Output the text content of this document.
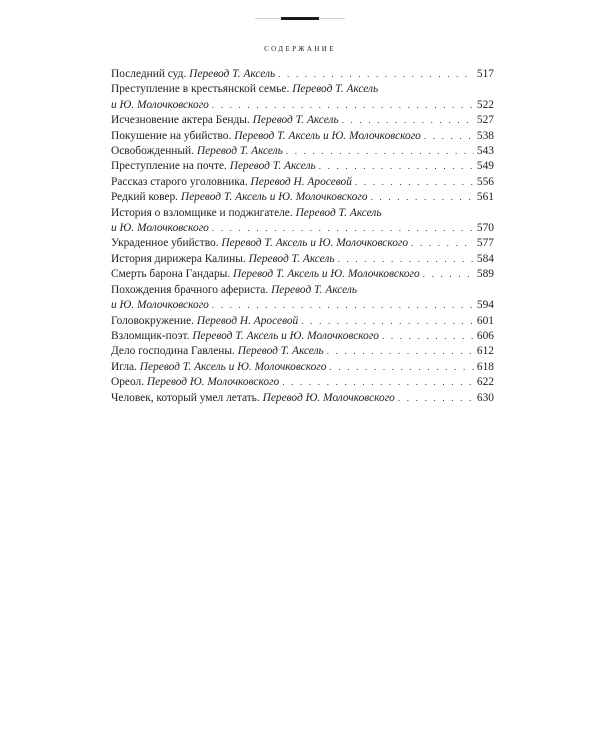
содержание
Последний суд. Перевод Т. Аксель . . .	517
Преступление в крестьянской семье. Перевод Т. Аксель
и Ю. Молочковского . . .	522
Исчезновение актера Бенды. Перевод Т. Аксель . . .	527
Покушение на убийство. Перевод Т. Аксель и Ю. Молочковского . . .	538
Освобожденный. Перевод Т. Аксель . . .	543
Преступление на почте. Перевод Т. Аксель . . .	549
Рассказ старого уголовника. Перевод Н. Аросевой . . .	556
Редкий ковер. Перевод Т. Аксель и Ю. Молочковского . . .	561
История о взломщике и поджигателе. Перевод Т. Аксель
и Ю. Молочковского . . .	570
Украденное убийство. Перевод Т. Аксель и Ю. Молочковского . . .	577
История дирижера Калины. Перевод Т. Аксель . . .	584
Смерть барона Гандары. Перевод Т. Аксель и Ю. Молочковского . . .	589
Похождения брачного афериста. Перевод Т. Аксель
и Ю. Молочковского . . .	594
Головокружение. Перевод Н. Аросевой . . .	601
Взломщик-поэт. Перевод Т. Аксель и Ю. Молочковского . . .	606
Дело господина Гавлены. Перевод Т. Аксель . . .	612
Игла. Перевод Т. Аксель и Ю. Молочковского . . .	618
Ореол. Перевод Ю. Молочковского . . .	622
Человек, который умел летать. Перевод Ю. Молочковского . . .	630
